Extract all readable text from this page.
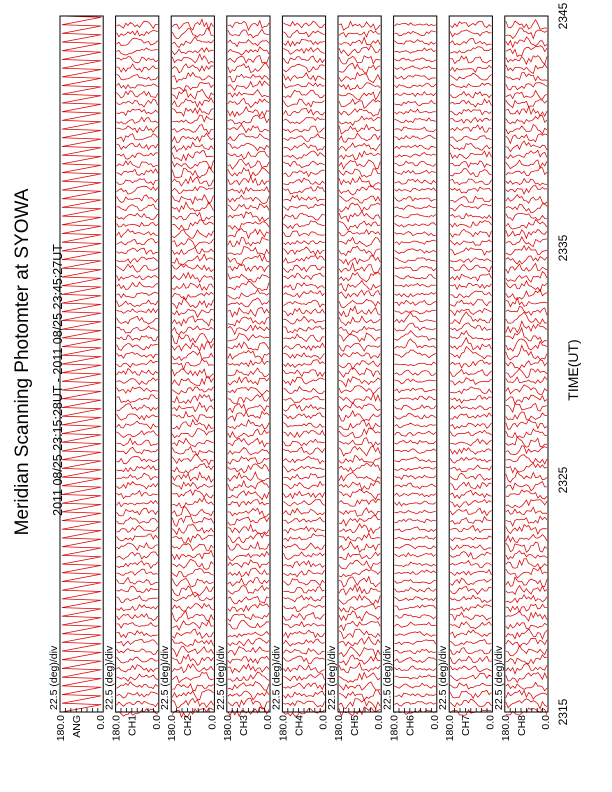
22.5 (deg)/div
ANG
180.0	0.0
22.5 (deg)/div
CH1
180.0	0.0
22.5 (deg)/div
CH2
180.0	0.0
22.5 (deg)/div
CH3
180.0	0.0
22.5 (deg)/div
CH4
180.0	0.0
22.5 (deg)/div
CH5
180.0	0.0
22.5 (deg)/div
CH6
180.0	0.0
22.5 (deg)/div
CH7
180.0	0.0
22.5 (deg)/div
CH8
180.0	0.0
Meridian Scanning Photomter at SYOWA 2011 08/25 23:15:28UT - 2011 08/25 23:45:27UT
2315
2325
2335
2345
TIME(UT)
